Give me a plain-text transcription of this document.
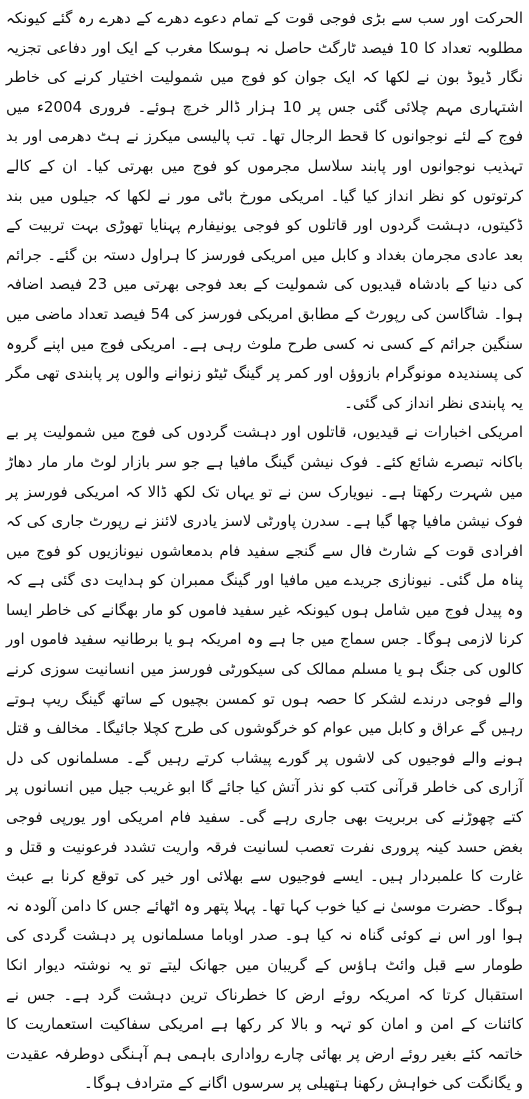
الحرکت اور سب سے بڑی فوجی قوت کے تمام دعوے دھرے کے دھرے رہ گئے کیونکہ مطلوبہ تعداد کا 10 فیصد ٹارگٹ حاصل نہ ہوسکا مغرب کے ایک اور دفاعی تجزیہ نگار ڈیوڈ بون نے لکھا کہ ایک جوان کو فوج میں شمولیت اختیار کرنے کی خاطر اشتہاری مہم چلائی گئی جس پر 10 ہزار ڈالر خرچ ہوئے۔ فروری 2004ء میں فوج کے لئے نوجوانوں کا قحط الرجال تھا۔ تب پالیسی میکرز نے ہٹ دھرمی اور بد تہذیب نوجوانوں اور پابند سلاسل مجرموں کو فوج میں بھرتی کیا۔ ان کے کالے کرتوتوں کو نظر انداز کیا گیا۔ امریکی مورخ باٹی مور نے لکھا کہ جیلوں میں بند ڈکیتوں، دہشت گردوں اور قاتلوں کو فوجی یونیفارم پہنایا تھوڑی بہت تربیت کے بعد عادی مجرمان بغداد و کابل میں امریکی فورسز کا ہراول دستہ بن گئے۔ جرائم کی دنیا کے بادشاہ قیدیوں کی شمولیت کے بعد فوجی بھرتی میں 23 فیصد اضافہ ہوا۔ شاگاسن کی رپورٹ کے مطابق امریکی فورسز کی 54 فیصد تعداد ماضی میں سنگین جرائم کے کسی نہ کسی طرح ملوث رہی ہے۔ امریکی فوج میں اپنے گروہ کی پسندیدہ مونوگرام بازوؤں اور کمر پر گینگ ٹیٹو زنوانے والوں پر پابندی تھی مگر یہ پابندی نظر انداز کی گئی۔

امریکی اخبارات نے قیدیوں، قاتلوں اور دہشت گردوں کی فوج میں شمولیت پر بے باکانہ تبصرے شائع کئے۔ فوک نیشن گینگ مافیا ہے جو سر بازار لوٹ مار مار دھاڑ میں شہرت رکھتا ہے۔ نیویارک سن نے تو یہاں تک لکھ ڈالا کہ امریکی فورسز پر فوک نیشن مافیا چھا گیا ہے۔ سدرن پاورٹی لاسز یادری لائنز نے رپورٹ جاری کی کہ افرادی قوت کے شارٹ فال سے گنجے سفید فام بدمعاشوں نیونازیوں کو فوج میں پناہ مل گئی۔ نیونازی جریدے میں مافیا اور گینگ ممبران کو ہدایت دی گئی ہے کہ وہ پیدل فوج میں شامل ہوں کیونکہ غیر سفید فاموں کو مار بھگانے کی خاطر ایسا کرنا لازمی ہوگا۔ جس سماج میں جا ہے وہ امریکہ ہو یا برطانیہ سفید فاموں اور کالوں کی جنگ ہو یا مسلم ممالک کی سیکورٹی فورسز میں انسانیت سوزی کرنے والے فوجی درندے لشکر کا حصہ ہوں تو کمسن بچیوں کے ساتھ گینگ ریپ ہوتے رہیں گے عراق و کابل میں عوام کو خرگوشوں کی طرح کچلا جائیگا۔ مخالف و قتل ہونے والے فوجیوں کی لاشوں پر گورے پیشاب کرتے رہیں گے۔ مسلمانوں کی دل آزاری کی خاطر قرآنی کتب کو نذر آتش کیا جائے گا ابو غریب جیل میں انسانوں پر کتے چھوڑنے کی بربریت بھی جاری رہے گی۔ سفید فام امریکی اور یورپی فوجی بغض حسد کینہ پروری نفرت تعصب لسانیت فرقہ واریت تشدد فرعونیت و قتل و غارت کا علمبردار ہیں۔ ایسے فوجیوں سے بھلائی اور خیر کی توقع کرنا بے عبث ہوگا۔ حضرت موسیٰ نے کیا خوب کہا تھا۔ پہلا پتھر وہ اٹھائے جس کا دامن آلودہ نہ ہوا اور اس نے کوئی گناہ نہ کیا ہو۔ صدر اوباما مسلمانوں پر دہشت گردی کی طومار سے قبل وائٹ ہاؤس کے گریبان میں جھانک لیتے تو یہ نوشتہ دیوار انکا استقبال کرتا کہ امریکہ روئے ارض کا خطرناک ترین دہشت گرد ہے۔ جس نے کائنات کے امن و امان کو تہہ و بالا کر رکھا ہے امریکی سفاکیت استعماریت کا خاتمہ کئے بغیر روئے ارض پر بھائی چارے رواداری باہمی ہم آہنگی دوطرفہ عقیدت و یگانگت کی خواہش رکھنا ہتھیلی پر سرسوں اگانے کے مترادف ہوگا۔
